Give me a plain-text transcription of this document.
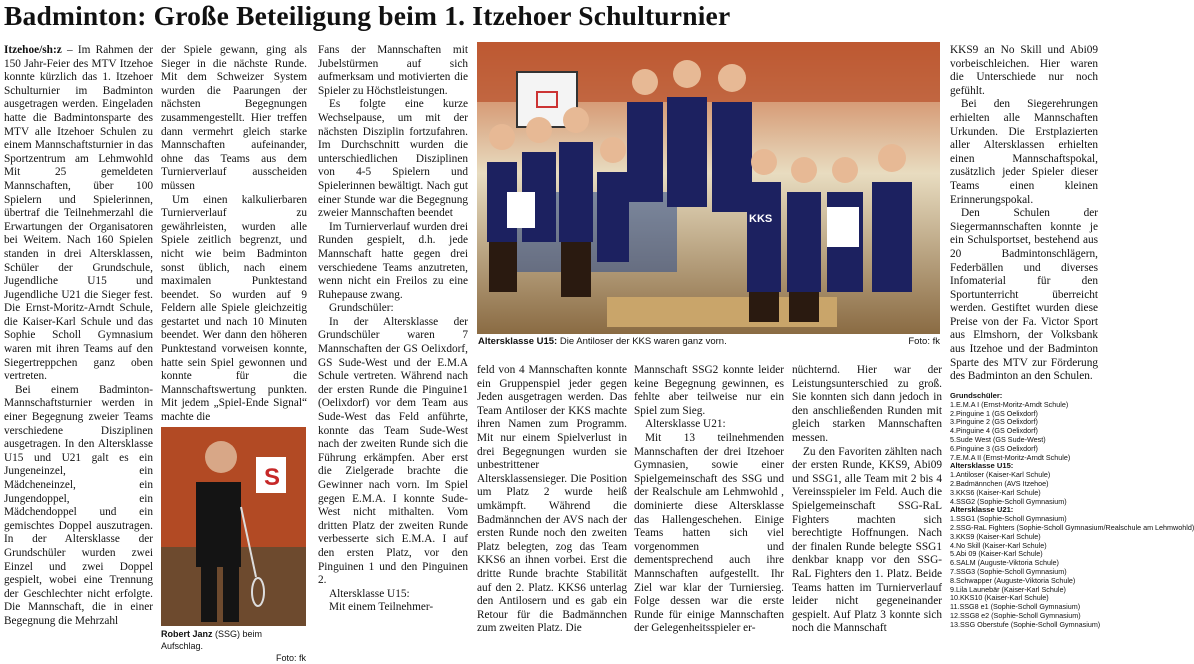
Badminton: Große Beteiligung beim 1. Itzehoer Schulturnier

Itzehoe/sh:z – Im Rahmen der 150 Jahr-Feier des MTV Itzehoe konnte kürzlich das 1. Itzehoer Schulturnier im Badminton ausgetragen werden. Eingeladen hatte die Badmintonsparte des MTV alle Itzehoer Schulen zu einem Mannschaftsturnier in das Sportzentrum am Lehmwohld Mit 25 gemeldeten Mannschaften, über 100 Spielern und Spielerinnen, übertraf die Teilnehmerzahl die Erwartungen der Organisatoren bei Weitem. Nach 160 Spielen standen in drei Altersklassen, Schüler der Grundschule, Jugendliche U15 und Jugendliche U21 die Sieger fest. Die Ernst-Moritz-Arndt Schule, die Kaiser-Karl Schule und das Sophie Scholl Gymnasium waren mit ihren Teams auf den Siegertreppchen ganz oben vertreten.

Bei einem Badminton-Mannschaftsturnier werden in einer Begegnung zweier Teams verschiedene Disziplinen ausgetragen. In den Altersklasse U15 und U21 galt es ein Jungeneinzel, ein Mädcheneinzel, ein Jungendoppel, ein Mädchendoppel und ein gemischtes Doppel auszutragen. In der Altersklasse der Grundschüler wurden zwei Einzel und zwei Doppel gespielt, wobei eine Trennung der Geschlechter nicht erfolgte. Die Mannschaft, die in einer Begegnung die Mehrzahl

der Spiele gewann, ging als Sieger in die nächste Runde. Mit dem Schweizer System wurden die Paarungen der nächsten Begegnungen zusammengestellt. Hier treffen dann vermehrt gleich starke Mannschaften aufeinander, ohne das Teams aus dem Turnierverlauf ausscheiden müssen

Um einen kalkulierbaren Turnierverlauf zu gewährleisten, wurden alle Spiele zeitlich begrenzt, und nicht wie beim Badminton sonst üblich, nach einem maximalen Punktestand beendet. So wurden auf 9 Feldern alle Spiele gleichzeitig gestartet und nach 10 Minuten beendet. Wer dann den höheren Punktestand vorweisen konnte, hatte sein Spiel gewonnen und konnte für die Mannschaftswertung punkten. Mit jedem „Spiel-Ende Signal“ machte die

Fans der Mannschaften mit Jubelstürmen auf sich aufmerksam und motivierten die Spieler zu Höchstleistungen.

Es folgte eine kurze Wechselpause, um mit der nächsten Disziplin fortzufahren. Im Durchschnitt wurden die unterschiedlichen Disziplinen von 4-5 Spielern und Spielerinnen bewältigt. Nach gut einer Stunde war die Begegnung zweier Mannschaften beendet

Im Turnierverlauf wurden drei Runden gespielt, d.h. jede Mannschaft hatte gegen drei verschiedene Teams anzutreten, wenn nicht ein Freilos zu eine Ruhepause zwang.

Grundschüler:

In der Altersklasse der Grundschüler waren 7 Mannschaften der GS Oelixdorf, GS Sude-West und der E.M.A Schule vertreten. Während nach der ersten Runde die Pinguine1 (Oelixdorf) vor dem Team aus Sude-West das Feld anführte, konnte das Team Sude-West nach der zweiten Runde sich die Führung erkämpfen. Aber erst die Zielgerade brachte die Gewinner nach vorn. Im Spiel gegen E.M.A. I konnte Sude-West nicht mithalten. Vom dritten Platz der zweiten Runde verbesserte sich E.M.A. I auf den ersten Platz, vor den Pinguinen 1 und den Pinguinen 2.

Altersklasse U15:

Mit einem Teilnehmer-

KKS
Altersklasse U15: Die Antiloser der KKS waren ganz vorn.	Foto: fk
S
Robert Janz (SSG) beim Aufschlag.
Foto: fk

feld von 4 Mannschaften konnte ein Gruppenspiel jeder gegen Jeden ausgetragen werden. Das Team Antiloser der KKS machte ihren Namen zum Programm. Mit nur einem Spielverlust in drei Begegnungen wurden sie unbestrittener Altersklassensieger. Die Position um Platz 2 wurde heiß umkämpft. Während die Badmännchen der AVS nach der ersten Runde noch den zweiten Platz belegten, zog das Team KKS6 an ihnen vorbei. Erst die dritte Runde brachte Stabilität auf den 2. Platz. KKS6 unterlag den Antilosern und es gab ein Retour für die Badmännchen zum zweiten Platz. Die

Mannschaft SSG2 konnte leider keine Begegnung gewinnen, es fehlte aber teilweise nur ein Spiel zum Sieg.

Altersklasse U21:

Mit 13 teilnehmenden Mannschaften der drei Itzehoer Gymnasien, sowie einer Spielgemeinschaft des SSG und der Realschule am Lehmwohld , dominierte diese Altersklasse das Hallengeschehen. Einige Teams hatten sich viel vorgenommen und dementsprechend auch ihre Mannschaften aufgestellt. Ihr Ziel war klar der Turniersieg. Folge dessen war die erste Runde für einige Mannschaften der Gelegenheitsspieler er-

nüchternd. Hier war der Leistungsunterschied zu groß. Sie konnten sich dann jedoch in den anschließenden Runden mit gleich starken Mannschaften messen.

Zu den Favoriten zählten nach der ersten Runde, KKS9, Abi09 und SSG1, alle Team mit 2 bis 4 Vereinsspieler im Feld. Auch die Spielgemeinschaft SSG-RaL Fighters machten sich berechtigte Hoffnungen. Nach der finalen Runde belegte SSG1 denkbar knapp vor den SSG-RaL Fighters den 1. Platz. Beide Teams hatten im Turnierverlauf leider nicht gegeneinander gespielt. Auf Platz 3 konnte sich noch die Mannschaft

KKS9 an No Skill und Abi09 vorbeischleichen. Hier waren die Unterschiede nur noch gefühlt.

Bei den Siegerehrungen erhielten alle Mannschaften Urkunden. Die Erstplazierten aller Altersklassen erhielten einen Mannschaftspokal, zusätzlich jeder Spieler dieser Teams einen kleinen Erinnerungspokal.

Den Schulen der Siegermannschaften konnte je ein Schulsportset, bestehend aus 20 Badmintonschlägern, Federbällen und diverses Infomaterial für den Sportunterricht überreicht werden. Gestiftet wurden diese Preise von der Fa. Victor Sport aus Elmshorn, der Volksbank aus Itzehoe und der Badminton Sparte des MTV zur Förderung des Badminton an den Schulen.

Grundschüler:
1.E.M.A I (Ernst-Moritz-Arndt Schule)
2.Pinguine 1 (GS Oelixdorf)
3.Pinguine 2 (GS Oelixdorf)
4.Pinguine 4 (GS Oelixdorf)
5.Sude West (GS Sude-West)
6.Pinguine 3 (GS Oelixdorf)
7.E.M.A II (Ernst-Moritz-Arndt Schule)
Altersklasse U15:
1.Antiloser (Kaiser-Karl Schule)
2.Badmännchen (AVS Itzehoe)
3.KKS6 (Kaiser-Karl Schule)
4.SSG2 (Sophie-Scholl Gymnasium)
Altersklasse U21:
1.SSG1 (Sophie-Scholl Gymnasium)
2.SSG-RaL Fighters (Sophie-Scholl Gymnasium/Realschule am Lehmwohld)
3.KKS9 (Kaiser-Karl Schule)
4.No Skill (Kaiser-Karl Schule)
5.Abi 09 (Kaiser-Karl Schule)
6.SALM (Auguste-Viktoria Schule)
7.SSG3 (Sophie-Scholl Gymnasium)
8.Schwapper (Auguste-Viktoria Schule)
9.Lila Launebär (Kaiser-Karl Schule)
10.KKS10 (Kaiser-Karl Schule)
11.SSG8 e1 (Sophie-Scholl Gymnasium)
12.SSG8 e2 (Sophie-Scholl Gymnasium)
13.SSG Oberstufe (Sophie-Scholl Gymnasium)
